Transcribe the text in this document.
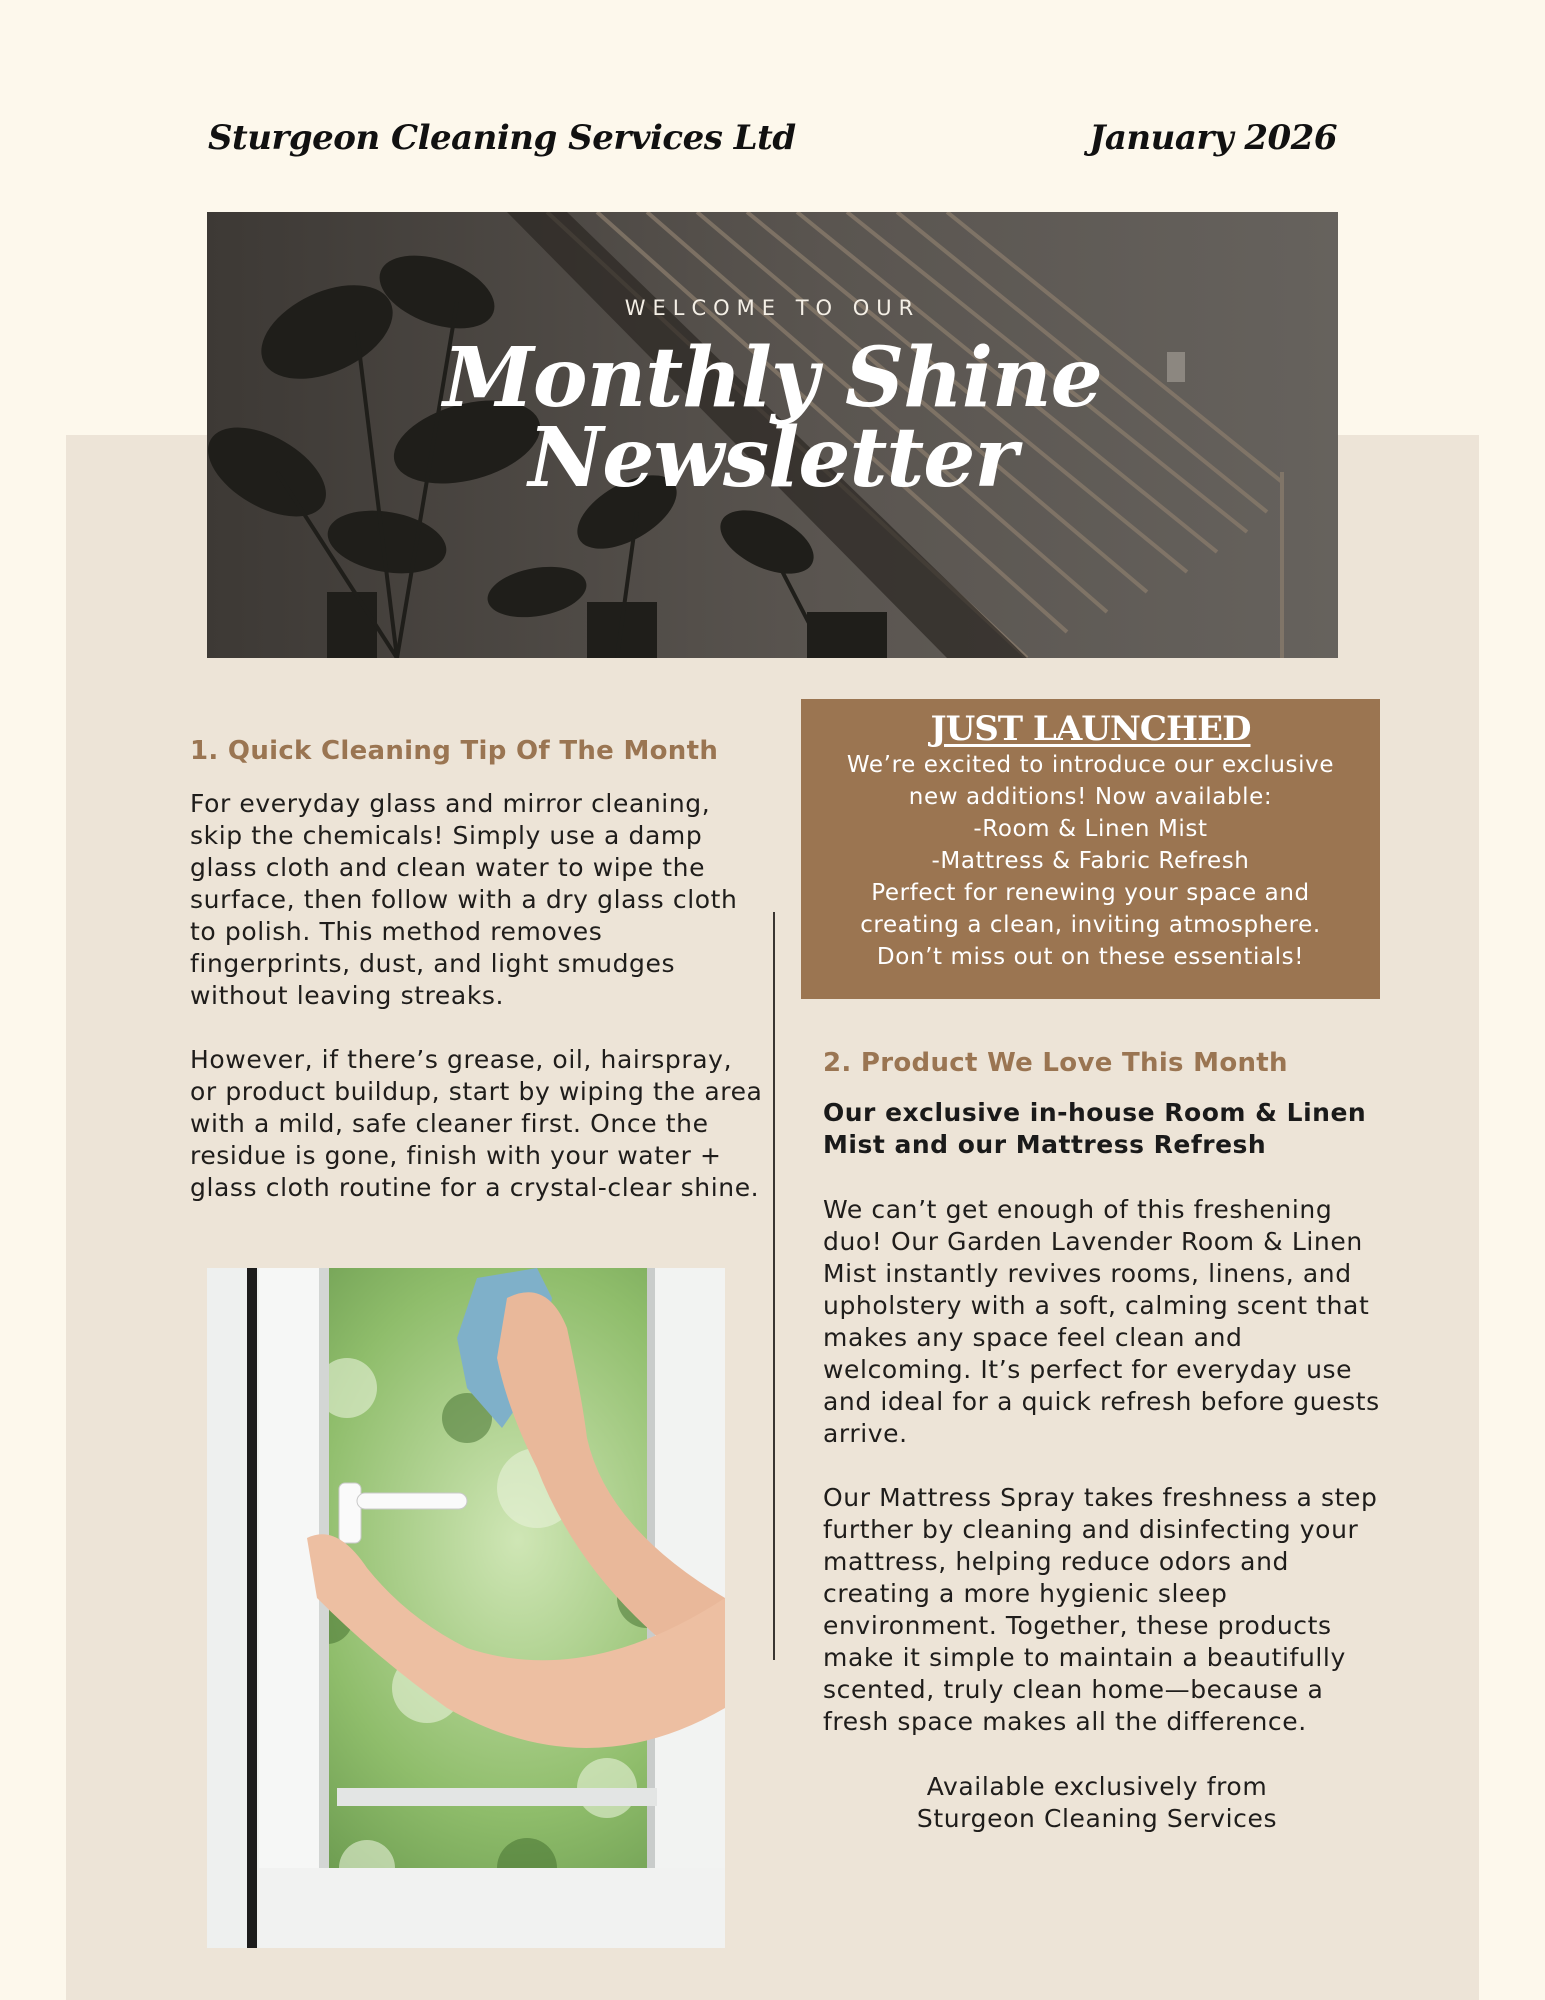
Sturgeon Cleaning Services Ltd	January 2026
WELCOME TO OUR
Monthly Shine
Newsletter
1. Quick Cleaning Tip Of The Month

For everyday glass and mirror cleaning, skip the chemicals! Simply use a damp glass cloth and clean water to wipe the surface, then follow with a dry glass cloth to polish. This method removes fingerprints, dust, and light smudges without leaving streaks.

However, if there’s grease, oil, hairspray, or product buildup, start by wiping the area with a mild, safe cleaner first. Once the residue is gone, finish with your water + glass cloth routine for a crystal-clear shine.

JUST LAUNCHED
We’re excited to introduce our exclusive
new additions! Now available:
-Room & Linen Mist
-Mattress & Fabric Refresh
Perfect for renewing your space and
creating a clean, inviting atmosphere.
Don’t miss out on these essentials!
2. Product We Love This Month
Our exclusive in-house Room & Linen Mist and our Mattress Refresh

We can’t get enough of this freshening duo! Our Garden Lavender Room & Linen Mist instantly revives rooms, linens, and upholstery with a soft, calming scent that makes any space feel clean and welcoming. It’s perfect for everyday use and ideal for a quick refresh before guests arrive.

Our Mattress Spray takes freshness a step further by cleaning and disinfecting your mattress, helping reduce odors and creating a more hygienic sleep environment. Together, these products make it simple to maintain a beautifully scented, truly clean home—because a fresh space makes all the difference.

Available exclusively from
Sturgeon Cleaning Services
